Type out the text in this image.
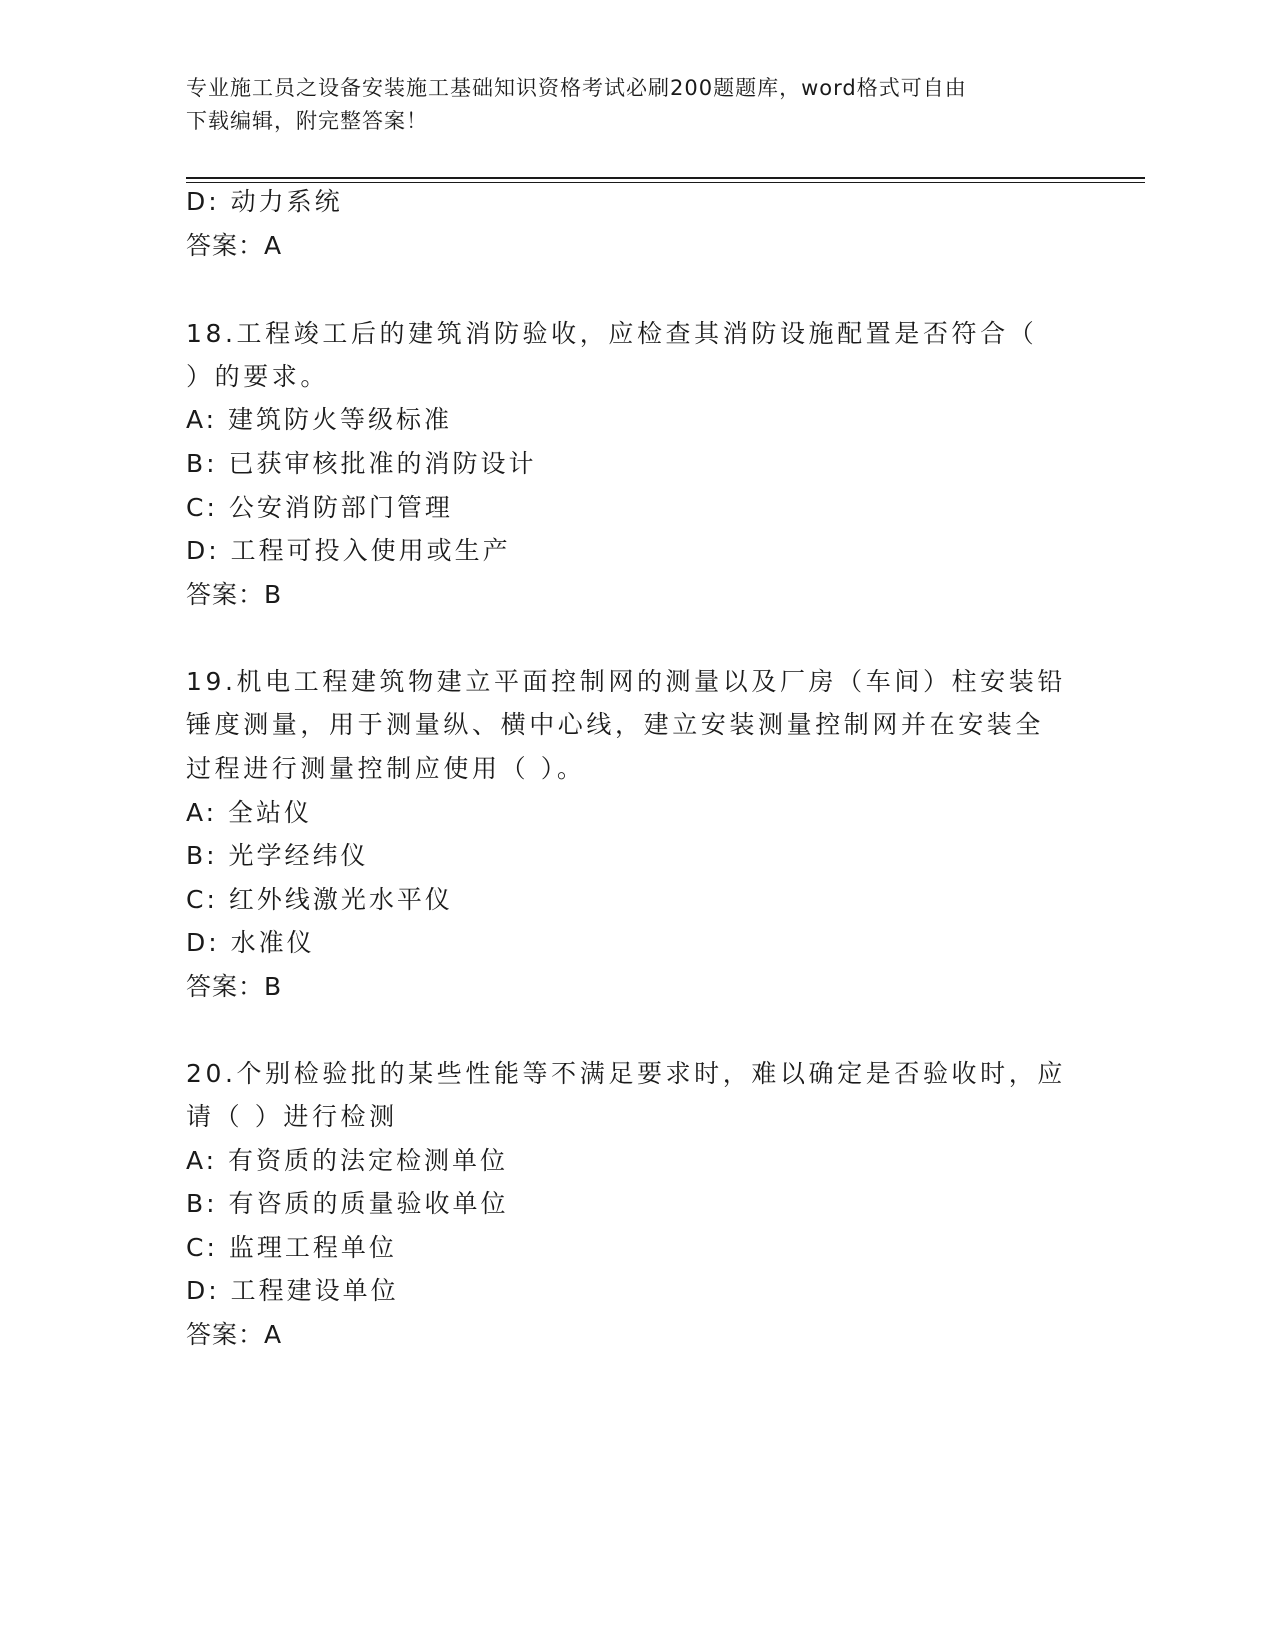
专业施工员之设备安装施工基础知识资格考试必刷200题题库，word格式可自由
下载编辑，附完整答案！
D: 动力系统
答案：A
18.工程竣工后的建筑消防验收，应检查其消防设施配置是否符合（
）的要求。
A: 建筑防火等级标准
B: 已获审核批准的消防设计
C: 公安消防部门管理
D: 工程可投入使用或生产
答案：B
19.机电工程建筑物建立平面控制网的测量以及厂房（车间）柱安装铅
锤度测量，用于测量纵、横中心线，建立安装测量控制网并在安装全
过程进行测量控制应使用（ ）。
A: 全站仪
B: 光学经纬仪
C: 红外线激光水平仪
D: 水准仪
答案：B
20.个别检验批的某些性能等不满足要求时，难以确定是否验收时，应
请（ ）进行检测
A: 有资质的法定检测单位
B: 有咨质的质量验收单位
C: 监理工程单位
D: 工程建设单位
答案：A
